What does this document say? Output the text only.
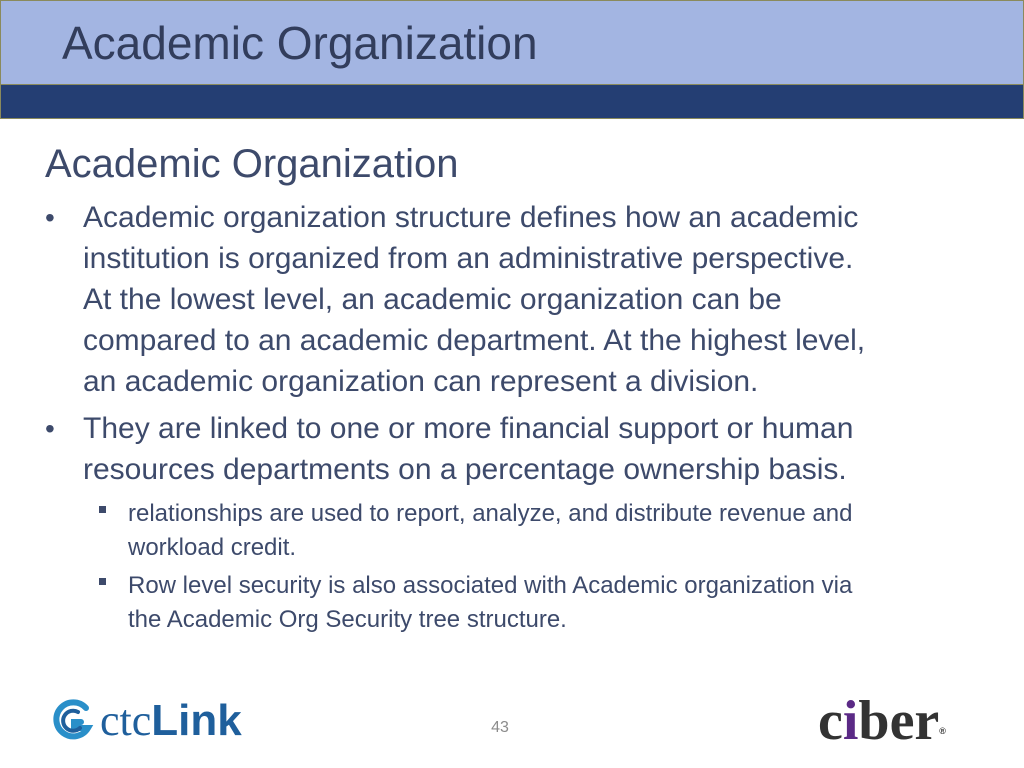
Academic Organization
Academic Organization
• Academic organization structure defines how an academic
institution is organized from an administrative perspective.
At the lowest level, an academic organization can be
compared to an academic department. At the highest level,
an academic organization can represent a division.
• They are linked to one or more financial support or human
resources departments on a percentage ownership basis.
relationships are used to report, analyze, and distribute revenue and
workload credit.
Row level security is also associated with Academic organization via
the Academic Org Security tree structure.
43
ctcLink	ciber®
